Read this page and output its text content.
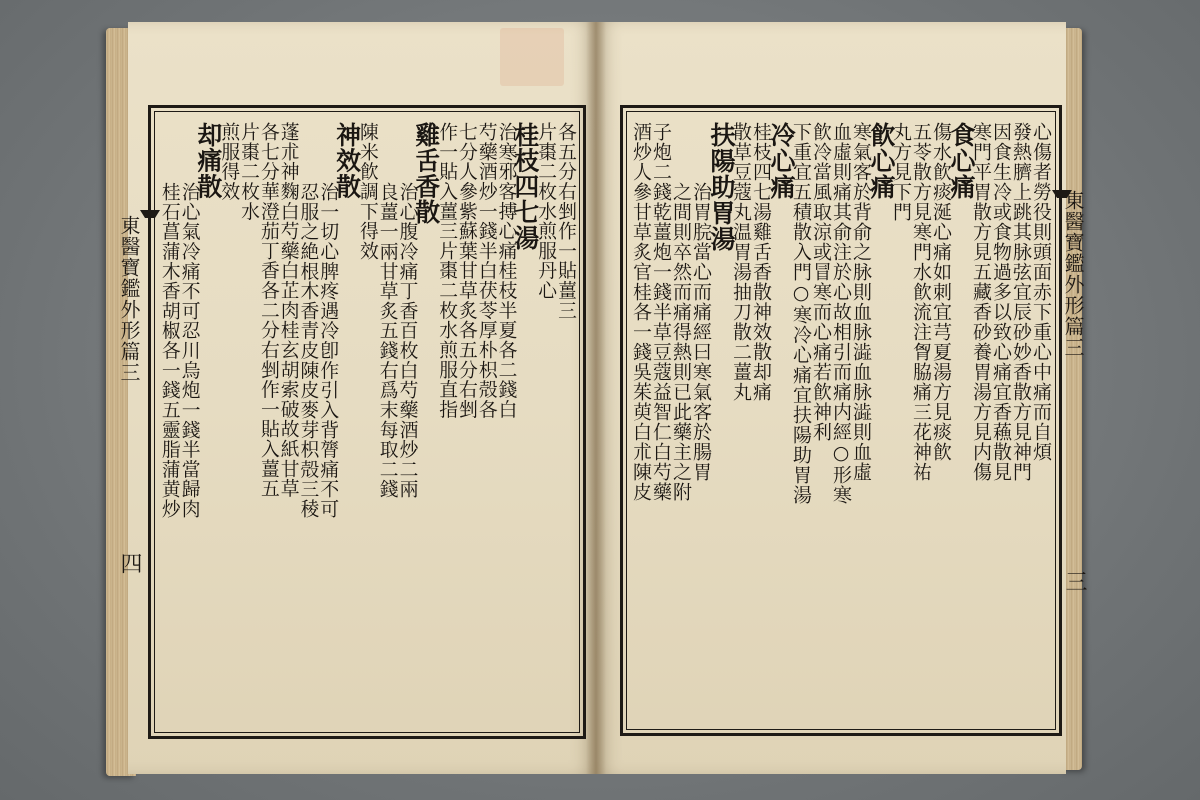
東醫寶鑑外形篇三
四
東醫寶鑑外形篇三
三
各五分右剉作一貼薑三
片棗二枚水煎服丹心
桂枝四七湯
治寒邪客搏心痛桂枝半夏各二錢白
芍藥酒炒一錢半白茯苓厚朴枳殻各
七分人參紫蘇葉甘草炙各五分右剉
作一貼入薑三片棗二枚水煎服直指
雞舌香散
治心腹冷痛丁香百枚白芍藥酒炒二兩
良薑一兩甘草炙五錢右爲末每取二錢
陳米飮調下得效
神效散
治一切心脾疼遇冷卽作引入背膂痛不可
忍服之絶根木香青皮陳皮麥芽枳殻三稜
蓬朮神麴白芍藥白芷肉桂玄胡索破故紙甘草
各七分華澄茄丁香各二分右剉作一貼入薑五
片棗二枚水
煎服得效
却痛散
治心氣冷痛不可忍川烏炮一錢半當歸肉
桂石菖蒲木香胡椒各一錢五靈脂蒲黄炒	心傷者勞役則頭面赤下重心中痛而自煩
發熱臍上跳其脉弦宜辰砂妙香散方見神門
因食生冷或食物過多以致心痛宜香蘓散見
寒門平胃散方見五藏香砂養胃湯方見内傷
食心痛
傷水飮痰涎心痛如刺宜芎夏湯方見痰飮
五苓散方見寒門水飮流注胷脇痛三花神祐
丸方見下門
飮心痛
寒氣客於背俞之脉則血脉澁血脉澁則血虛
血虛則痛其俞注於心故相引而痛内經○形寒
飮冷當風取涼或冒寒而心痛若飮神利
下重宜五積散入門○寒冷心痛宜扶陽助胃湯
冷心痛
桂枝四七湯雞舌香散神效散却痛
散草豆蔻丸温胃湯抽刀散二薑丸
扶陽助胃湯
治胃脘當心而痛經曰寒氣客於腸胃
之間則卒然而痛得熱則已此藥主之附
子炮二錢乾薑炮一錢半草豆蔻益智仁白芍藥
酒炒人參甘草炙官桂各一錢吳茱萸白朮陳皮
